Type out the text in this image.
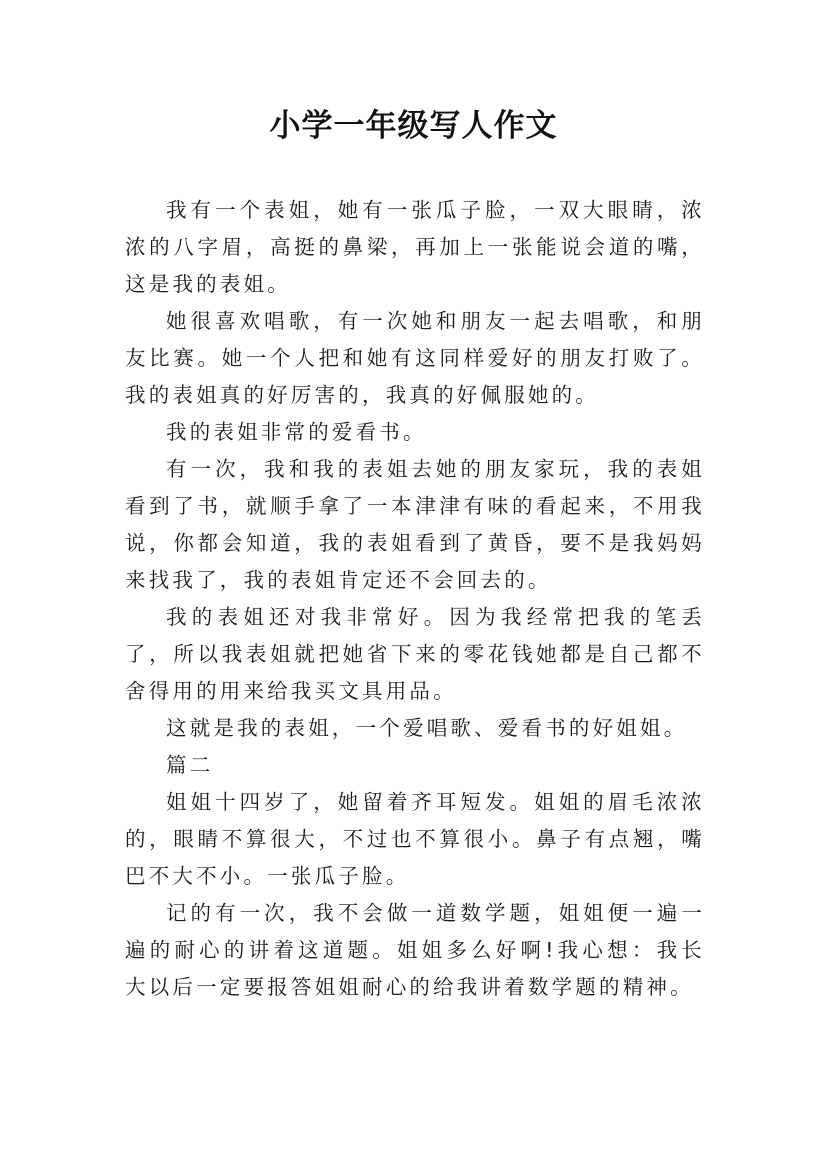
小学一年级写人作文

我有一个表姐，她有一张瓜子脸，一双大眼睛，浓浓的八字眉，高挺的鼻梁，再加上一张能说会道的嘴，这是我的表姐。

她很喜欢唱歌，有一次她和朋友一起去唱歌，和朋友比赛。她一个人把和她有这同样爱好的朋友打败了。我的表姐真的好厉害的，我真的好佩服她的。

我的表姐非常的爱看书。

有一次，我和我的表姐去她的朋友家玩，我的表姐看到了书，就顺手拿了一本津津有味的看起来，不用我说，你都会知道，我的表姐看到了黄昏，要不是我妈妈来找我了，我的表姐肯定还不会回去的。

我的表姐还对我非常好。因为我经常把我的笔丢了，所以我表姐就把她省下来的零花钱她都是自己都不舍得用的用来给我买文具用品。

这就是我的表姐，一个爱唱歌、爱看书的好姐姐。

篇二

姐姐十四岁了，她留着齐耳短发。姐姐的眉毛浓浓的，眼睛不算很大，不过也不算很小。鼻子有点翘，嘴巴不大不小。一张瓜子脸。

记的有一次，我不会做一道数学题，姐姐便一遍一遍的耐心的讲着这道题。姐姐多么好啊!我心想：我长大以后一定要报答姐姐耐心的给我讲着数学题的精神。
